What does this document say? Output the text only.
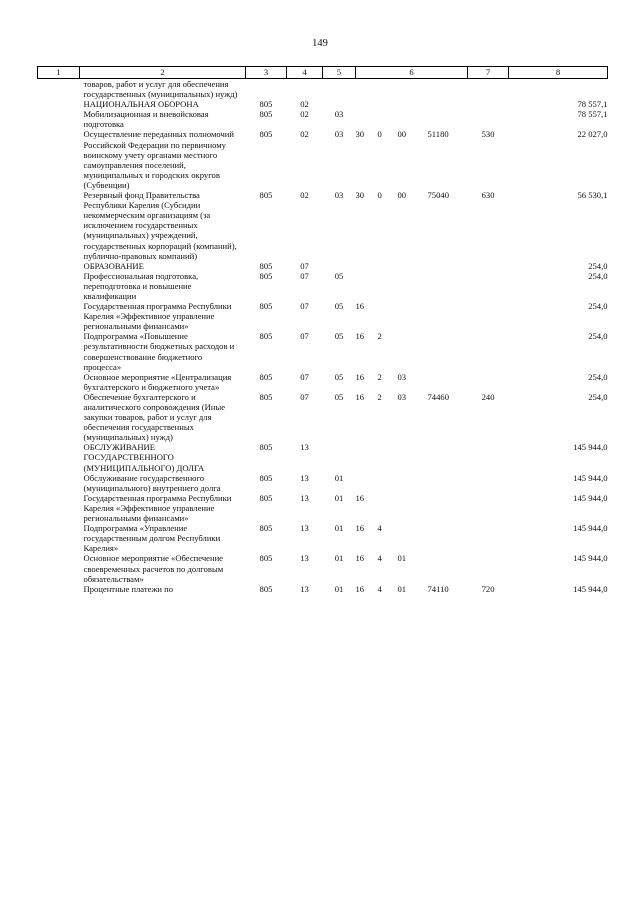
149
1	2	3	4	5	6				7	8
	товаров, работ и услуг для обеспечения государственных (муниципальных) нужд)									
	НАЦИОНАЛЬНАЯ ОБОРОНА	805	02							78 557,1
	Мобилизационная и вневойсковая подготовка	805	02	03						78 557,1
	Осуществление переданных полномочий Российской Федерации по первичному воинскому учету органами местного самоуправления поселений, муниципальных и городских округов (Субвенции)	805	02	03	30	0	00	51180	530	22 027,0
	Резервный фонд Правительства Республики Карелия (Субсидии некоммерческим организациям (за исключением государственных (муниципальных) учреждений, государственных корпораций (компаний), публично-правовых компаний)	805	02	03	30	0	00	75040	630	56 530,1
	ОБРАЗОВАНИЕ	805	07							254,0
	Профессиональная подготовка, переподготовка и повышение квалификации	805	07	05						254,0
	Государственная программа Республики Карелия «Эффективное управление региональными финансами»	805	07	05	16					254,0
	Подпрограмма «Повышение результативности бюджетных расходов и совершенствование бюджетного процесса»	805	07	05	16	2				254,0
	Основное мероприятие «Централизация бухгалтерского и бюджетного учета»	805	07	05	16	2	03			254,0
	Обеспечение бухгалтерского и аналитического сопровождения (Иные закупки товаров, работ и услуг для обеспечения государственных (муниципальных) нужд)	805	07	05	16	2	03	74460	240	254,0
	ОБСЛУЖИВАНИЕ ГОСУДАРСТВЕННОГО (МУНИЦИПАЛЬНОГО) ДОЛГА	805	13							145 944,0
	Обслуживание государственного (муниципального) внутреннего долга	805	13	01						145 944,0
	Государственная программа Республики Карелия «Эффективное управление региональными финансами»	805	13	01	16					145 944,0
	Подпрограмма «Управление государственным долгом Республики Карелия»	805	13	01	16	4				145 944,0
	Основное мероприятие «Обеспечение своевременных расчетов по долговым обязательствам»	805	13	01	16	4	01			145 944,0
	Процентные платежи по	805	13	01	16	4	01	74110	720	145 944,0
